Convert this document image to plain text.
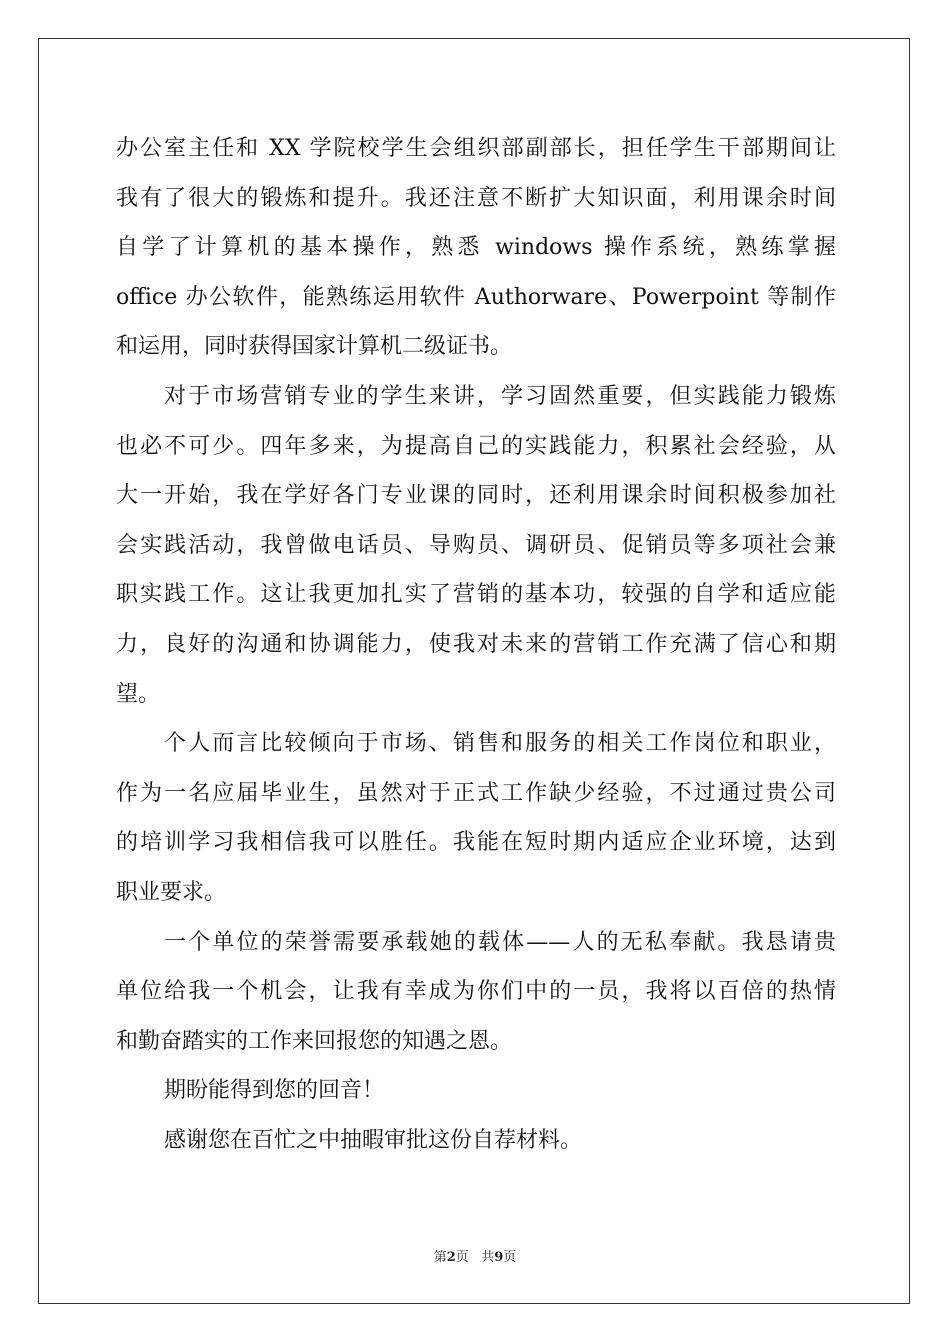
办公室主任和 XX 学院校学生会组织部副部长，担任学生干部期间让
我有了很大的锻炼和提升。我还注意不断扩大知识面，利用课余时间
自学了计算机的基本操作，熟悉 windows 操作系统，熟练掌握
office 办公软件，能熟练运用软件 Authorware、Powerpoint 等制作
和运用，同时获得国家计算机二级证书。
对于市场营销专业的学生来讲，学习固然重要，但实践能力锻炼
也必不可少。四年多来，为提高自己的实践能力，积累社会经验，从
大一开始，我在学好各门专业课的同时，还利用课余时间积极参加社
会实践活动，我曾做电话员、导购员、调研员、促销员等多项社会兼
职实践工作。这让我更加扎实了营销的基本功，较强的自学和适应能
力，良好的沟通和协调能力，使我对未来的营销工作充满了信心和期
望。
个人而言比较倾向于市场、销售和服务的相关工作岗位和职业，
作为一名应届毕业生，虽然对于正式工作缺少经验，不过通过贵公司
的培训学习我相信我可以胜任。我能在短时期内适应企业环境，达到
职业要求。
一个单位的荣誉需要承载她的载体——人的无私奉献。我恳请贵
单位给我一个机会，让我有幸成为你们中的一员，我将以百倍的热情
和勤奋踏实的工作来回报您的知遇之恩。
期盼能得到您的回音！
感谢您在百忙之中抽暇审批这份自荐材料。
第2页 共9页
